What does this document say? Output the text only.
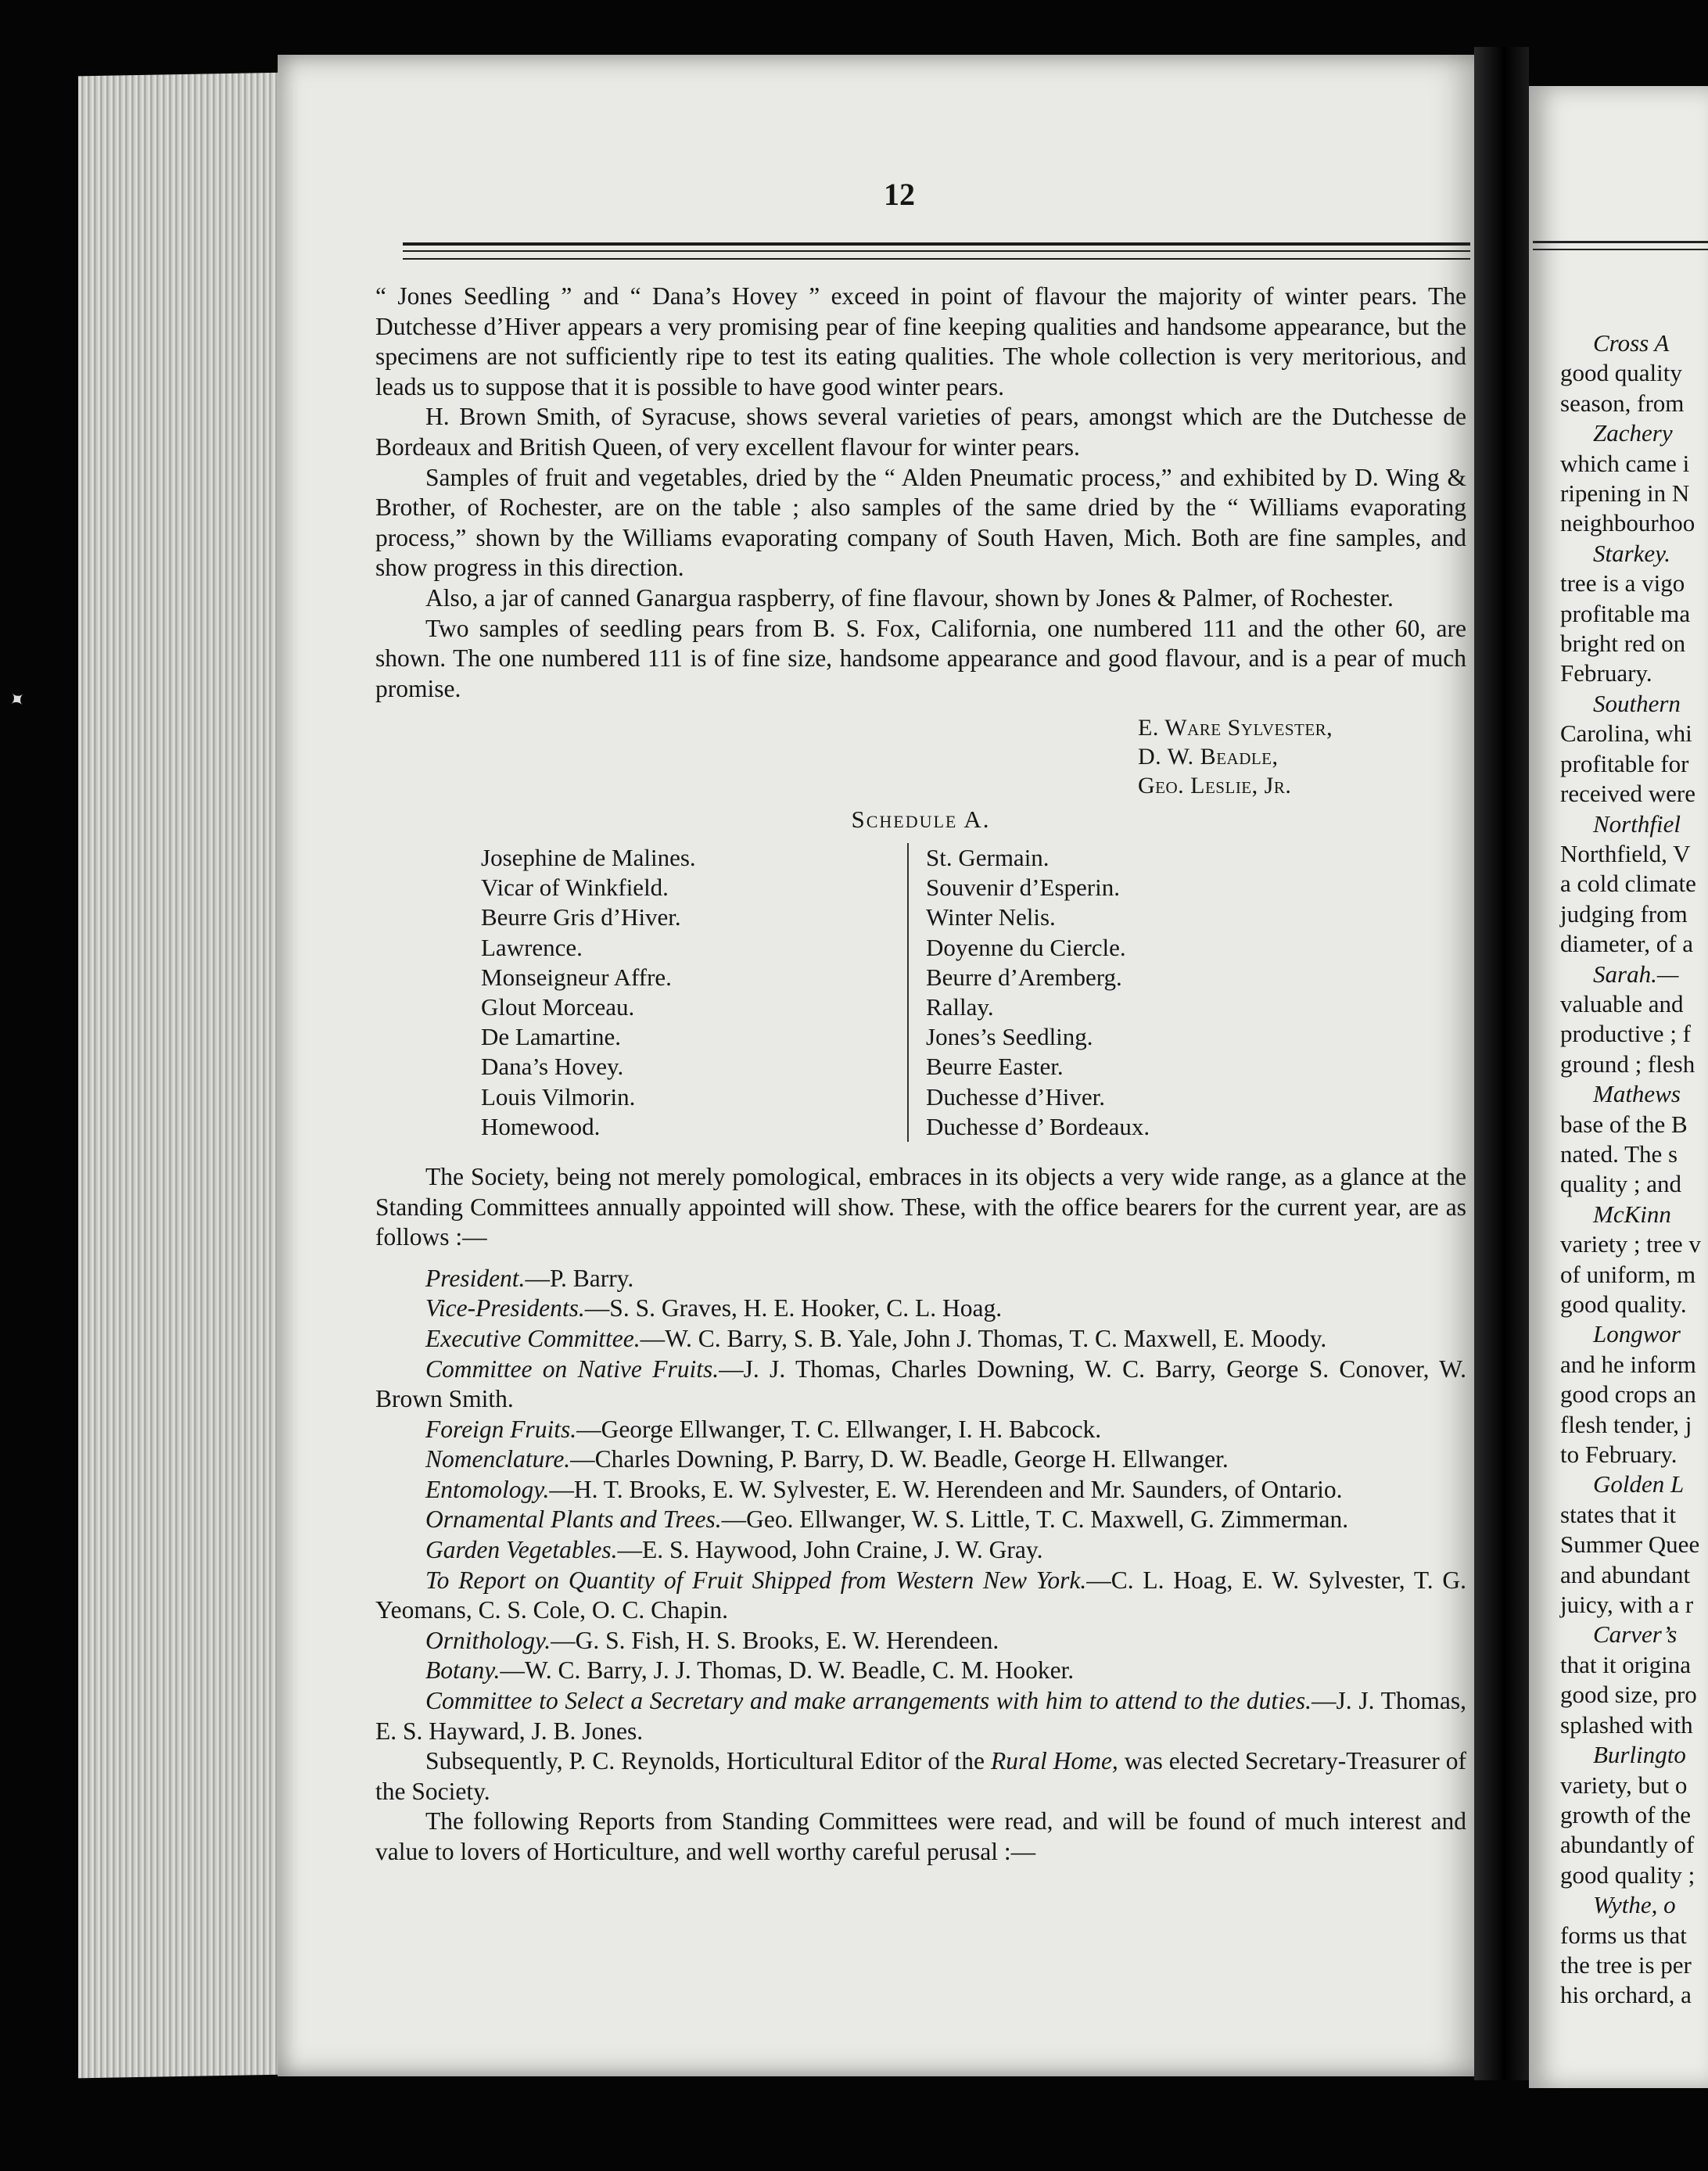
✦
12

“ Jones Seedling ” and “ Dana’s Hovey ” exceed in point of flavour the majority of winter pears. The Dutchesse d’Hiver appears a very promising pear of fine keeping qualities and handsome appearance, but the specimens are not sufficiently ripe to test its eating qualities. The whole collection is very meritorious, and leads us to suppose that it is possible to have good winter pears.

H. Brown Smith, of Syracuse, shows several varieties of pears, amongst which are the Dutchesse de Bordeaux and British Queen, of very excellent flavour for winter pears.

Samples of fruit and vegetables, dried by the “ Alden Pneumatic process,” and exhibited by D. Wing & Brother, of Rochester, are on the table ; also samples of the same dried by the “ Williams evaporating process,” shown by the Williams evaporating company of South Haven, Mich. Both are fine samples, and show progress in this direction.

Also, a jar of canned Ganargua raspberry, of fine flavour, shown by Jones & Palmer, of Rochester.

Two samples of seedling pears from B. S. Fox, California, one numbered 111 and the other 60, are shown. The one numbered 111 is of fine size, handsome appearance and good flavour, and is a pear of much promise.

E. Ware Sylvester,
D. W. Beadle,
Geo. Leslie, Jr.
Schedule A.
Josephine de Malines.
Vicar of Winkfield.
Beurre Gris d’Hiver.
Lawrence.
Monseigneur Affre.
Glout Morceau.
De Lamartine.
Dana’s Hovey.
Louis Vilmorin.
Homewood.
St. Germain.
Souvenir d’Esperin.
Winter Nelis.
Doyenne du Ciercle.
Beurre d’Aremberg.
Rallay.
Jones’s Seedling.
Beurre Easter.
Duchesse d’Hiver.
Duchesse d’ Bordeaux.

The Society, being not merely pomological, embraces in its objects a very wide range, as a glance at the Standing Committees annually appointed will show. These, with the office bearers for the current year, are as follows :—

President.—P. Barry.

Vice-Presidents.—S. S. Graves, H. E. Hooker, C. L. Hoag.

Executive Committee.—W. C. Barry, S. B. Yale, John J. Thomas, T. C. Maxwell, E. Moody.

Committee on Native Fruits.—J. J. Thomas, Charles Downing, W. C. Barry, George S. Conover, W. Brown Smith.

Foreign Fruits.—George Ellwanger, T. C. Ellwanger, I. H. Babcock.

Nomenclature.—Charles Downing, P. Barry, D. W. Beadle, George H. Ellwanger.

Entomology.—H. T. Brooks, E. W. Sylvester, E. W. Herendeen and Mr. Saunders, of Ontario.

Ornamental Plants and Trees.—Geo. Ellwanger, W. S. Little, T. C. Maxwell, G. Zimmerman.

Garden Vegetables.—E. S. Haywood, John Craine, J. W. Gray.

To Report on Quantity of Fruit Shipped from Western New York.—C. L. Hoag, E. W. Sylvester, T. G. Yeomans, C. S. Cole, O. C. Chapin.

Ornithology.—G. S. Fish, H. S. Brooks, E. W. Herendeen.

Botany.—W. C. Barry, J. J. Thomas, D. W. Beadle, C. M. Hooker.

Committee to Select a Secretary and make arrangements with him to attend to the duties.—J. J. Thomas, E. S. Hayward, J. B. Jones.

Subsequently, P. C. Reynolds, Horticultural Editor of the Rural Home, was elected Secretary-Treasurer of the Society.

The following Reports from Standing Committees were read, and will be found of much interest and value to lovers of Horticulture, and well worthy careful perusal :—

Cross A
good quality
season, from
Zachery
which came i
ripening in N
neighbourhoo
Starkey.
tree is a vigo
profitable ma
bright red on
February.
Southern
Carolina, whi
profitable for
received were
Northfiel
Northfield, V
a cold climate
judging from
diameter, of a
Sarah.—
valuable and
productive ; f
ground ; flesh
Mathews
base of the B
nated. The s
quality ; and
McKinn
variety ; tree v
of uniform, m
good quality.
Longwor
and he inform
good crops an
flesh tender, j
to February.
Golden L
states that it
Summer Quee
and abundant
juicy, with a r
Carver’s
that it origina
good size, pro
splashed with
Burlingto
variety, but o
growth of the
abundantly of
good quality ;
Wythe, o
forms us that
the tree is per
his orchard, a
